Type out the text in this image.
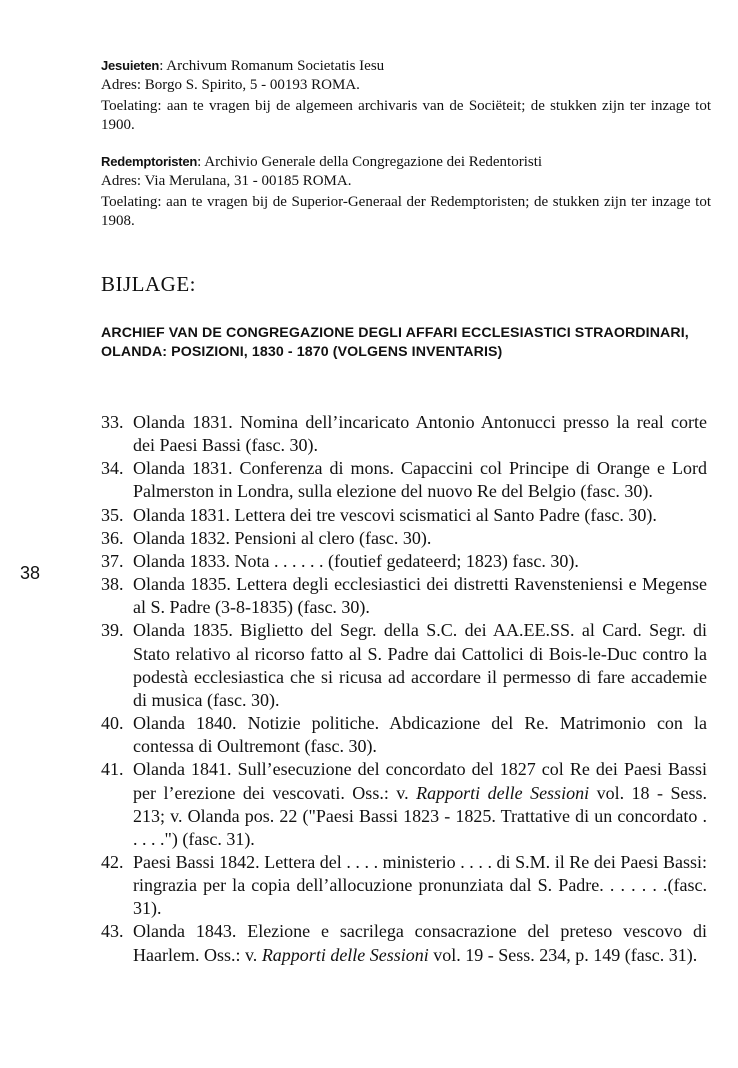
Jesuieten: Archivum Romanum Societatis Iesu

Adres: Borgo S. Spirito, 5 - 00193 ROMA.

Toelating: aan te vragen bij de algemeen archivaris van de Sociëteit; de stukken zijn ter inzage tot 1900.

Redemptoristen: Archivio Generale della Congregazione dei Redentoristi

Adres: Via Merulana, 31 - 00185 ROMA.

Toelating: aan te vragen bij de Superior-Generaal der Redemptoristen; de stukken zijn ter inzage tot 1908.

BIJLAGE:
ARCHIEF VAN DE CONGREGAZIONE DEGLI AFFARI ECCLESIASTICI STRAORDINARI, OLANDA: POSIZIONI, 1830 - 1870 (VOLGENS INVENTARIS)
38
33. Olanda 1831. Nomina dell’incaricato Antonio Antonucci presso la real corte dei Paesi Bassi (fasc. 30).
34. Olanda 1831. Conferenza di mons. Capaccini col Principe di Orange e Lord Palmerston in Londra, sulla elezione del nuovo Re del Belgio (fasc. 30).
35. Olanda 1831. Lettera dei tre vescovi scismatici al Santo Padre (fasc. 30).
36. Olanda 1832. Pensioni al clero (fasc. 30).
37. Olanda 1833. Nota . . . . . . (foutief gedateerd; 1823) fasc. 30).
38. Olanda 1835. Lettera degli ecclesiastici dei distretti Ravensteniensi e Megense al S. Padre (3-8-1835) (fasc. 30).
39. Olanda 1835. Biglietto del Segr. della S.C. dei AA.EE.SS. al Card. Segr. di Stato relativo al ricorso fatto al S. Padre dai Cattolici di Bois-le-Duc contro la podestà ecclesiastica che si ricusa ad accordare il permesso di fare accademie di musica (fasc. 30).
40. Olanda 1840. Notizie politiche. Abdicazione del Re. Matrimonio con la contessa di Oultremont (fasc. 30).
41. Olanda 1841. Sull’esecuzione del concordato del 1827 col Re dei Paesi Bassi per l’erezione dei vescovati. Oss.: v. Rapporti delle Sessioni vol. 18 - Sess. 213; v. Olanda pos. 22 ("Paesi Bassi 1823 - 1825. Trattative di un concordato . . . . .") (fasc. 31).
42. Paesi Bassi 1842. Lettera del . . . . ministerio . . . . di S.M. il Re dei Paesi Bassi: ringrazia per la copia dell’allocuzione pronunziata dal S. Padre. . . . . . .(fasc. 31).
43. Olanda 1843. Elezione e sacrilega consacrazione del preteso vescovo di Haarlem. Oss.: v. Rapporti delle Sessioni vol. 19 - Sess. 234, p. 149 (fasc. 31).
